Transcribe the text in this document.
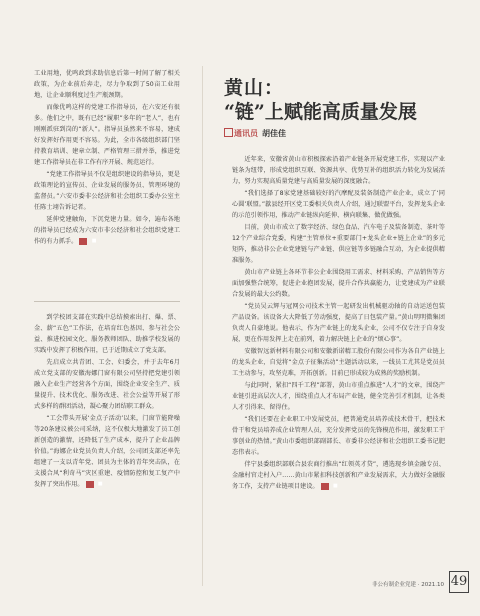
工业用地，优鸣政到求助信息后第一时间了解了相关政策，为企业前后奔走，尽力争取到了50亩工业用地，让企业顺利度过生产瓶颈期。

而像优鸣这样的党建工作指导员，在六安还有很多。他们之中，既有已经“履职”多年的“老人”，也有刚刚派驻到岗的“新人”。指导员虽然来不容易，建成好发挥好作用更不容易。为此，全市各级组织部门坚持教育培训、建章立制、严格管理三措并举，推进党建工作指导员在非工作有序开展、规范运行。

“党建工作指导员不仅是组织建设的指导员，更是政策理论的宣传员、企业发展的服务员、管理环境的监督员。”六安市委非公经济和社会组织工委办公室主任陈士翊告诉记者。

延伸党建触角，下沉党建力量。如今，遍布各地的指导员已经成为六安市非公经济和社会组织党建工作的有力抓手。	■

到学校团支部在实践中总结摸索出打、爆、票、金、薪“五色”工作法，在培育红色基因、参与社会公益、推进校园文化、服务教师团队、助推学校发展的实践中发挥了积极作用，已于近期成立了党支部。

先启成立共青团、工会、妇委会，并于去年6月成立党支部的安徽海娜门窗有限公司坚持把党建引领融入企业生产经营各个方面，围绕企业安全生产、质量提升、技术优化、服务改进、社会公益等开展了形式多样的群团活动，凝心聚力团结职工群众。

“工会带头开展‘金点子活动’以来，门窗节能降噪等20条建议被公司采纳，这不仅极大地激发了员工创新创造的激情，还降低了生产成本，提升了企业品牌价值。”海娜企业党员负责人介绍，公司团支部还率先组建了一支以青年党、团员为主体的青年突击队，在支援合风“利奇马”灾区重建、疫情防控和复工复产中发挥了突出作用。	■

黄山：
“链”上赋能高质量发展
通讯员 胡佳佳

近年来，安徽省黄山市积极探索沿着产业链条开展党建工作，实现以产业链条为纽带，形成党组织互联、资源共享、优势互补的组织活力转化为发展活力，努力实现高质量党建与高质量发展的深度融合。

“我们选择了8家党建基础较好的汽摩配及装备制造产业企业，成立了‘同心圆’联盟。”歙县经开区党工委相关负责人介绍，通过联盟平台，发挥龙头企业的示范引领作用，推动产业链纵向延伸、横向联集、做优做强。

目前，黄山市成立了数字经济、绿色食品、汽车电子及装备制造、茶叶等12个产业综合党委，构建“主管单位+重要部门+龙头企业+链上企业”的多元矩阵，推动非公企业党建链与产业链、供应链等多链融合互动，为企业提供精准服务。

黄山市产业链上各环节非公企业围绕用工需求、材料采购、产品销售等方面加强整合统筹，促进企业抱团发展，提升合作共赢能力，让党建成为产业联合发展的最大公约数。

“党员吴云辉与冠网公司技术主管一起研发出机械驱动轴的自动运送包装产品设备。该设备大大降低了劳动强度，提高了日包装产量。”黄山明明微集团负责人自豪地说。他表示，作为产业链上的龙头企业，公司不仅专注于自身发展，更在作用发挥上走在前列，着力解决链上企业的“烦心事”。

安徽智远新材料有限公司和安徽新诺精工股份有限公司作为各自产业链上的龙头企业，自觉将“金点子征集活动”主题活动以来，一线员工尤其是党员员工主动参与，攻坚克难，开拓创新。目前已形成较为成熟的奖励机制。

与此同时，紧扣“四千工程”部署，黄山市重点推进“人才”的文章，围绕产业链引进高层次人才，围绕重点人才布局产业链，健全完善引才机制，让各类人才引得来、留得住。

“我们还要在企业职工中发展党员，把普通党员培养成技术骨干，把技术骨干和党员培养成企业管理人员，充分发挥党员的先锋模范作用，激发职工干事创业的热情。”黄山市委组织部副部长、市委非公经济和社会组织工委书记肥态伟表示。

伴宁县委组织部联合县农商行推出“红领英才贷”，遴选现乡镇金融专员、金融村官走村入户……黄山市紧扣科技创新和产业发展需求，大力做好金融服务工作，支持产业链项目建设。	■

非公有制企业党建 · 2021.10 49
